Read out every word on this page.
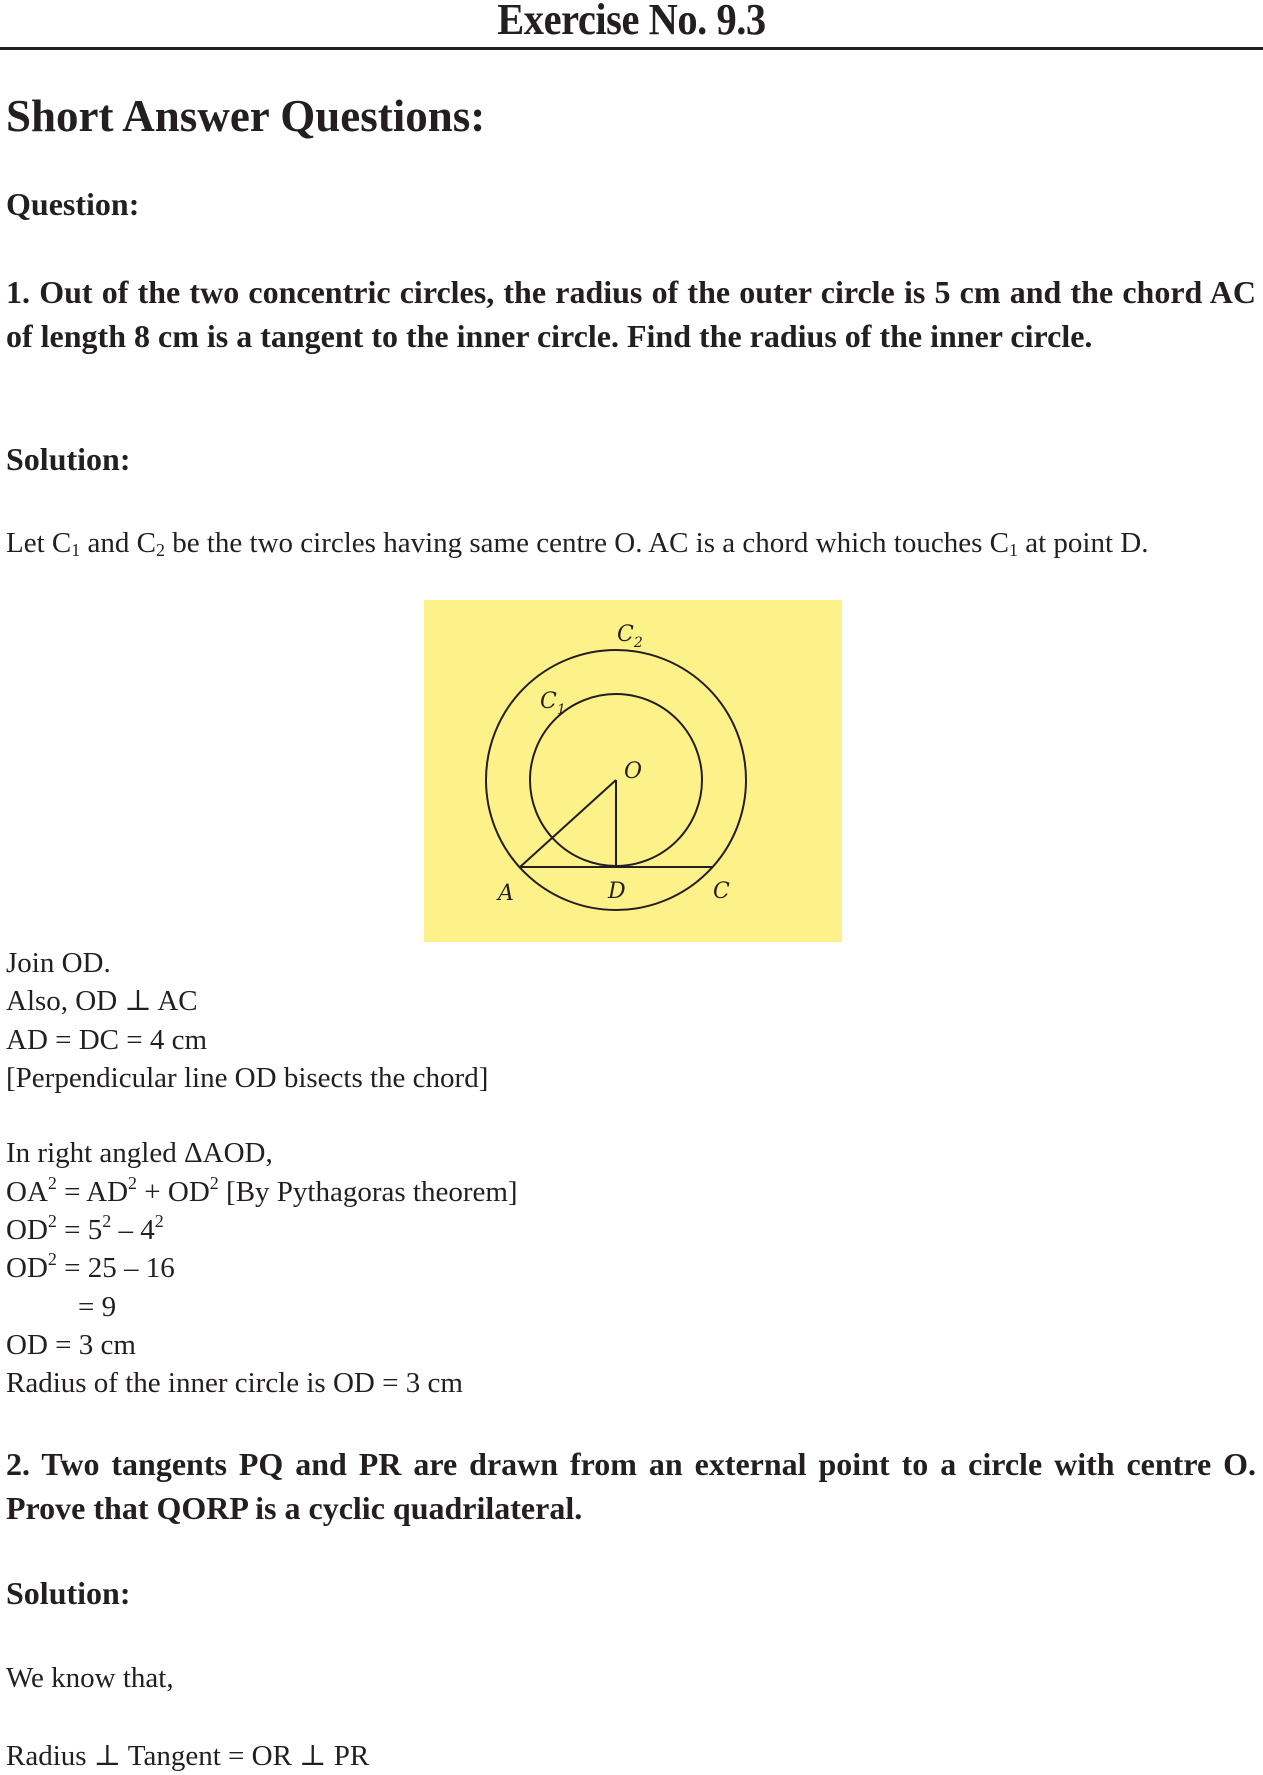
Exercise No. 9.3
Short Answer Questions:
Question:
1. Out of the two concentric circles, the radius of the outer circle is 5 cm and the chord AC of length 8 cm is a tangent to the inner circle. Find the radius of the inner circle.
Solution:
Let $C_1$ and $C_2$ be the two circles having same centre O. AC is a chord which touches $C_1$ at point D.
$C_2$
$C_1$
O
A	D	C
Join OD.
Also, OD ⊥ AC
AD = DC = 4 cm
[Perpendicular line OD bisects the chord]
In right angled ΔAOD,
$OA^2 = AD^2 + OD^2$ [By Pythagoras theorem]
$OD^2 = 5^2 - 4^2$
$OD^2 = 25 - 16$
= 9
OD = 3 cm
Radius of the inner circle is OD = 3 cm
2. Two tangents PQ and PR are drawn from an external point to a circle with centre O. Prove that QORP is a cyclic quadrilateral.
Solution:
We know that,
Radius ⊥ Tangent = OR ⊥ PR
